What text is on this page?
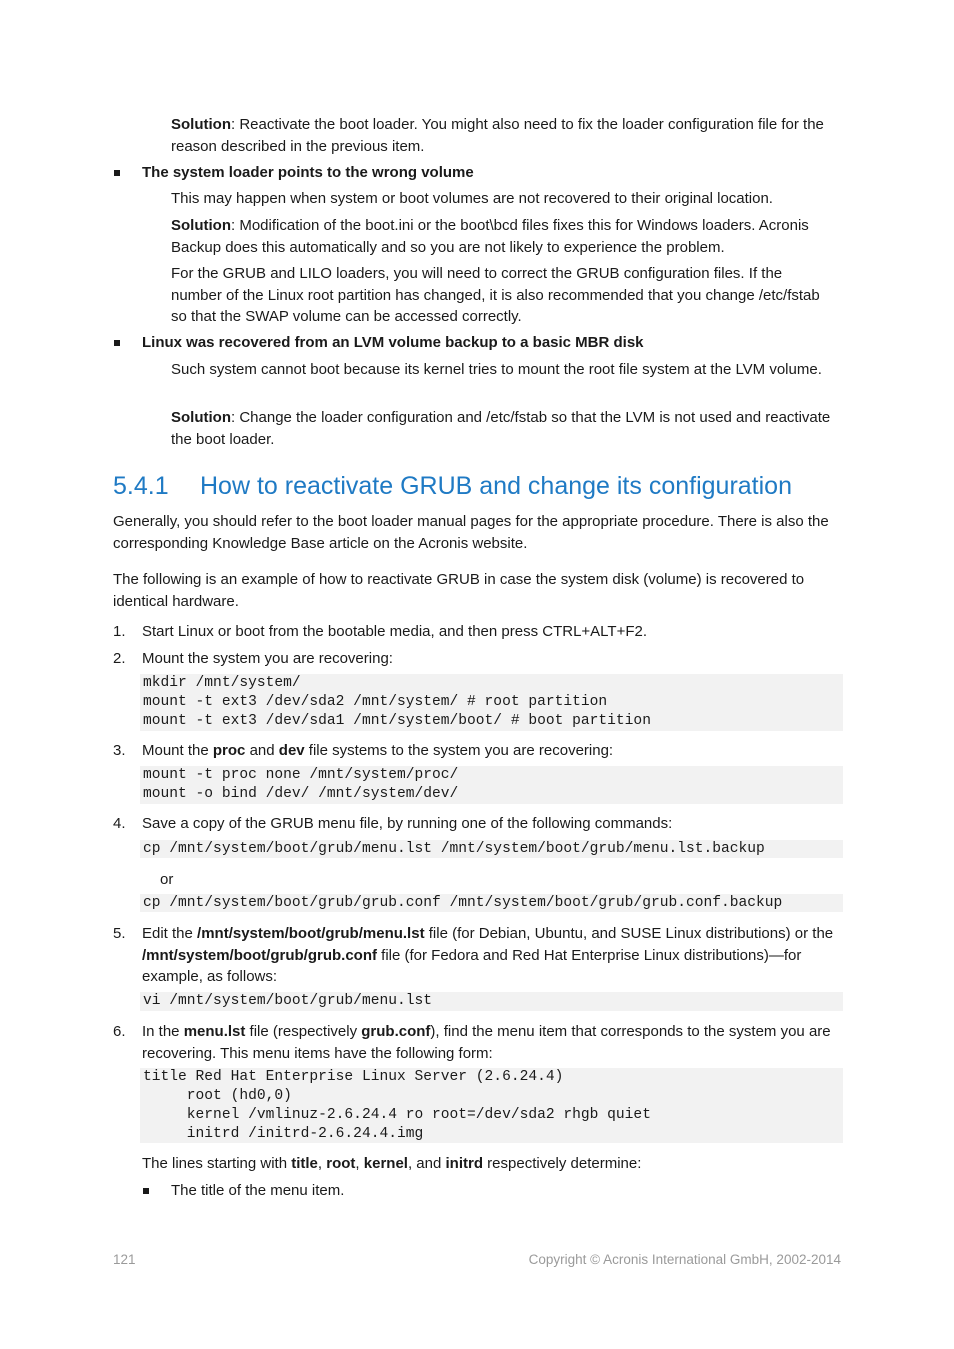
Solution: Reactivate the boot loader. You might also need to fix the loader configuration file for the reason described in the previous item.

The system loader points to the wrong volume

This may happen when system or boot volumes are not recovered to their original location.

Solution: Modification of the boot.ini or the boot\bcd files fixes this for Windows loaders. Acronis Backup does this automatically and so you are not likely to experience the problem.

For the GRUB and LILO loaders, you will need to correct the GRUB configuration files. If the number of the Linux root partition has changed, it is also recommended that you change /etc/fstab so that the SWAP volume can be accessed correctly.

Linux was recovered from an LVM volume backup to a basic MBR disk

Such system cannot boot because its kernel tries to mount the root file system at the LVM volume.

Solution: Change the loader configuration and /etc/fstab so that the LVM is not used and reactivate the boot loader.

5.4.1 How to reactivate GRUB and change its configuration

Generally, you should refer to the boot loader manual pages for the appropriate procedure. There is also the corresponding Knowledge Base article on the Acronis website.

The following is an example of how to reactivate GRUB in case the system disk (volume) is recovered to identical hardware.

1. Start Linux or boot from the bootable media, and then press CTRL+ALT+F2.

2. Mount the system you are recovering:

mkdir /mnt/system/
mount -t ext3 /dev/sda2 /mnt/system/ # root partition
mount -t ext3 /dev/sda1 /mnt/system/boot/ # boot partition
3. Mount the proc and dev file systems to the system you are recovering:

mount -t proc none /mnt/system/proc/
mount -o bind /dev/ /mnt/system/dev/
4. Save a copy of the GRUB menu file, by running one of the following commands:

cp /mnt/system/boot/grub/menu.lst /mnt/system/boot/grub/menu.lst.backup

or

cp /mnt/system/boot/grub/grub.conf /mnt/system/boot/grub/grub.conf.backup
5. Edit the /mnt/system/boot/grub/menu.lst file (for Debian, Ubuntu, and SUSE Linux distributions) or the /mnt/system/boot/grub/grub.conf file (for Fedora and Red Hat Enterprise Linux distributions)—for example, as follows:

vi /mnt/system/boot/grub/menu.lst
6. In the menu.lst file (respectively grub.conf), find the menu item that corresponds to the system you are recovering. This menu items have the following form:

title Red Hat Enterprise Linux Server (2.6.24.4)
root (hd0,0)
kernel /vmlinuz-2.6.24.4 ro root=/dev/sda2 rhgb quiet
initrd /initrd-2.6.24.4.img

The lines starting with title, root, kernel, and initrd respectively determine:

The title of the menu item.
121	Copyright © Acronis International GmbH, 2002-2014
